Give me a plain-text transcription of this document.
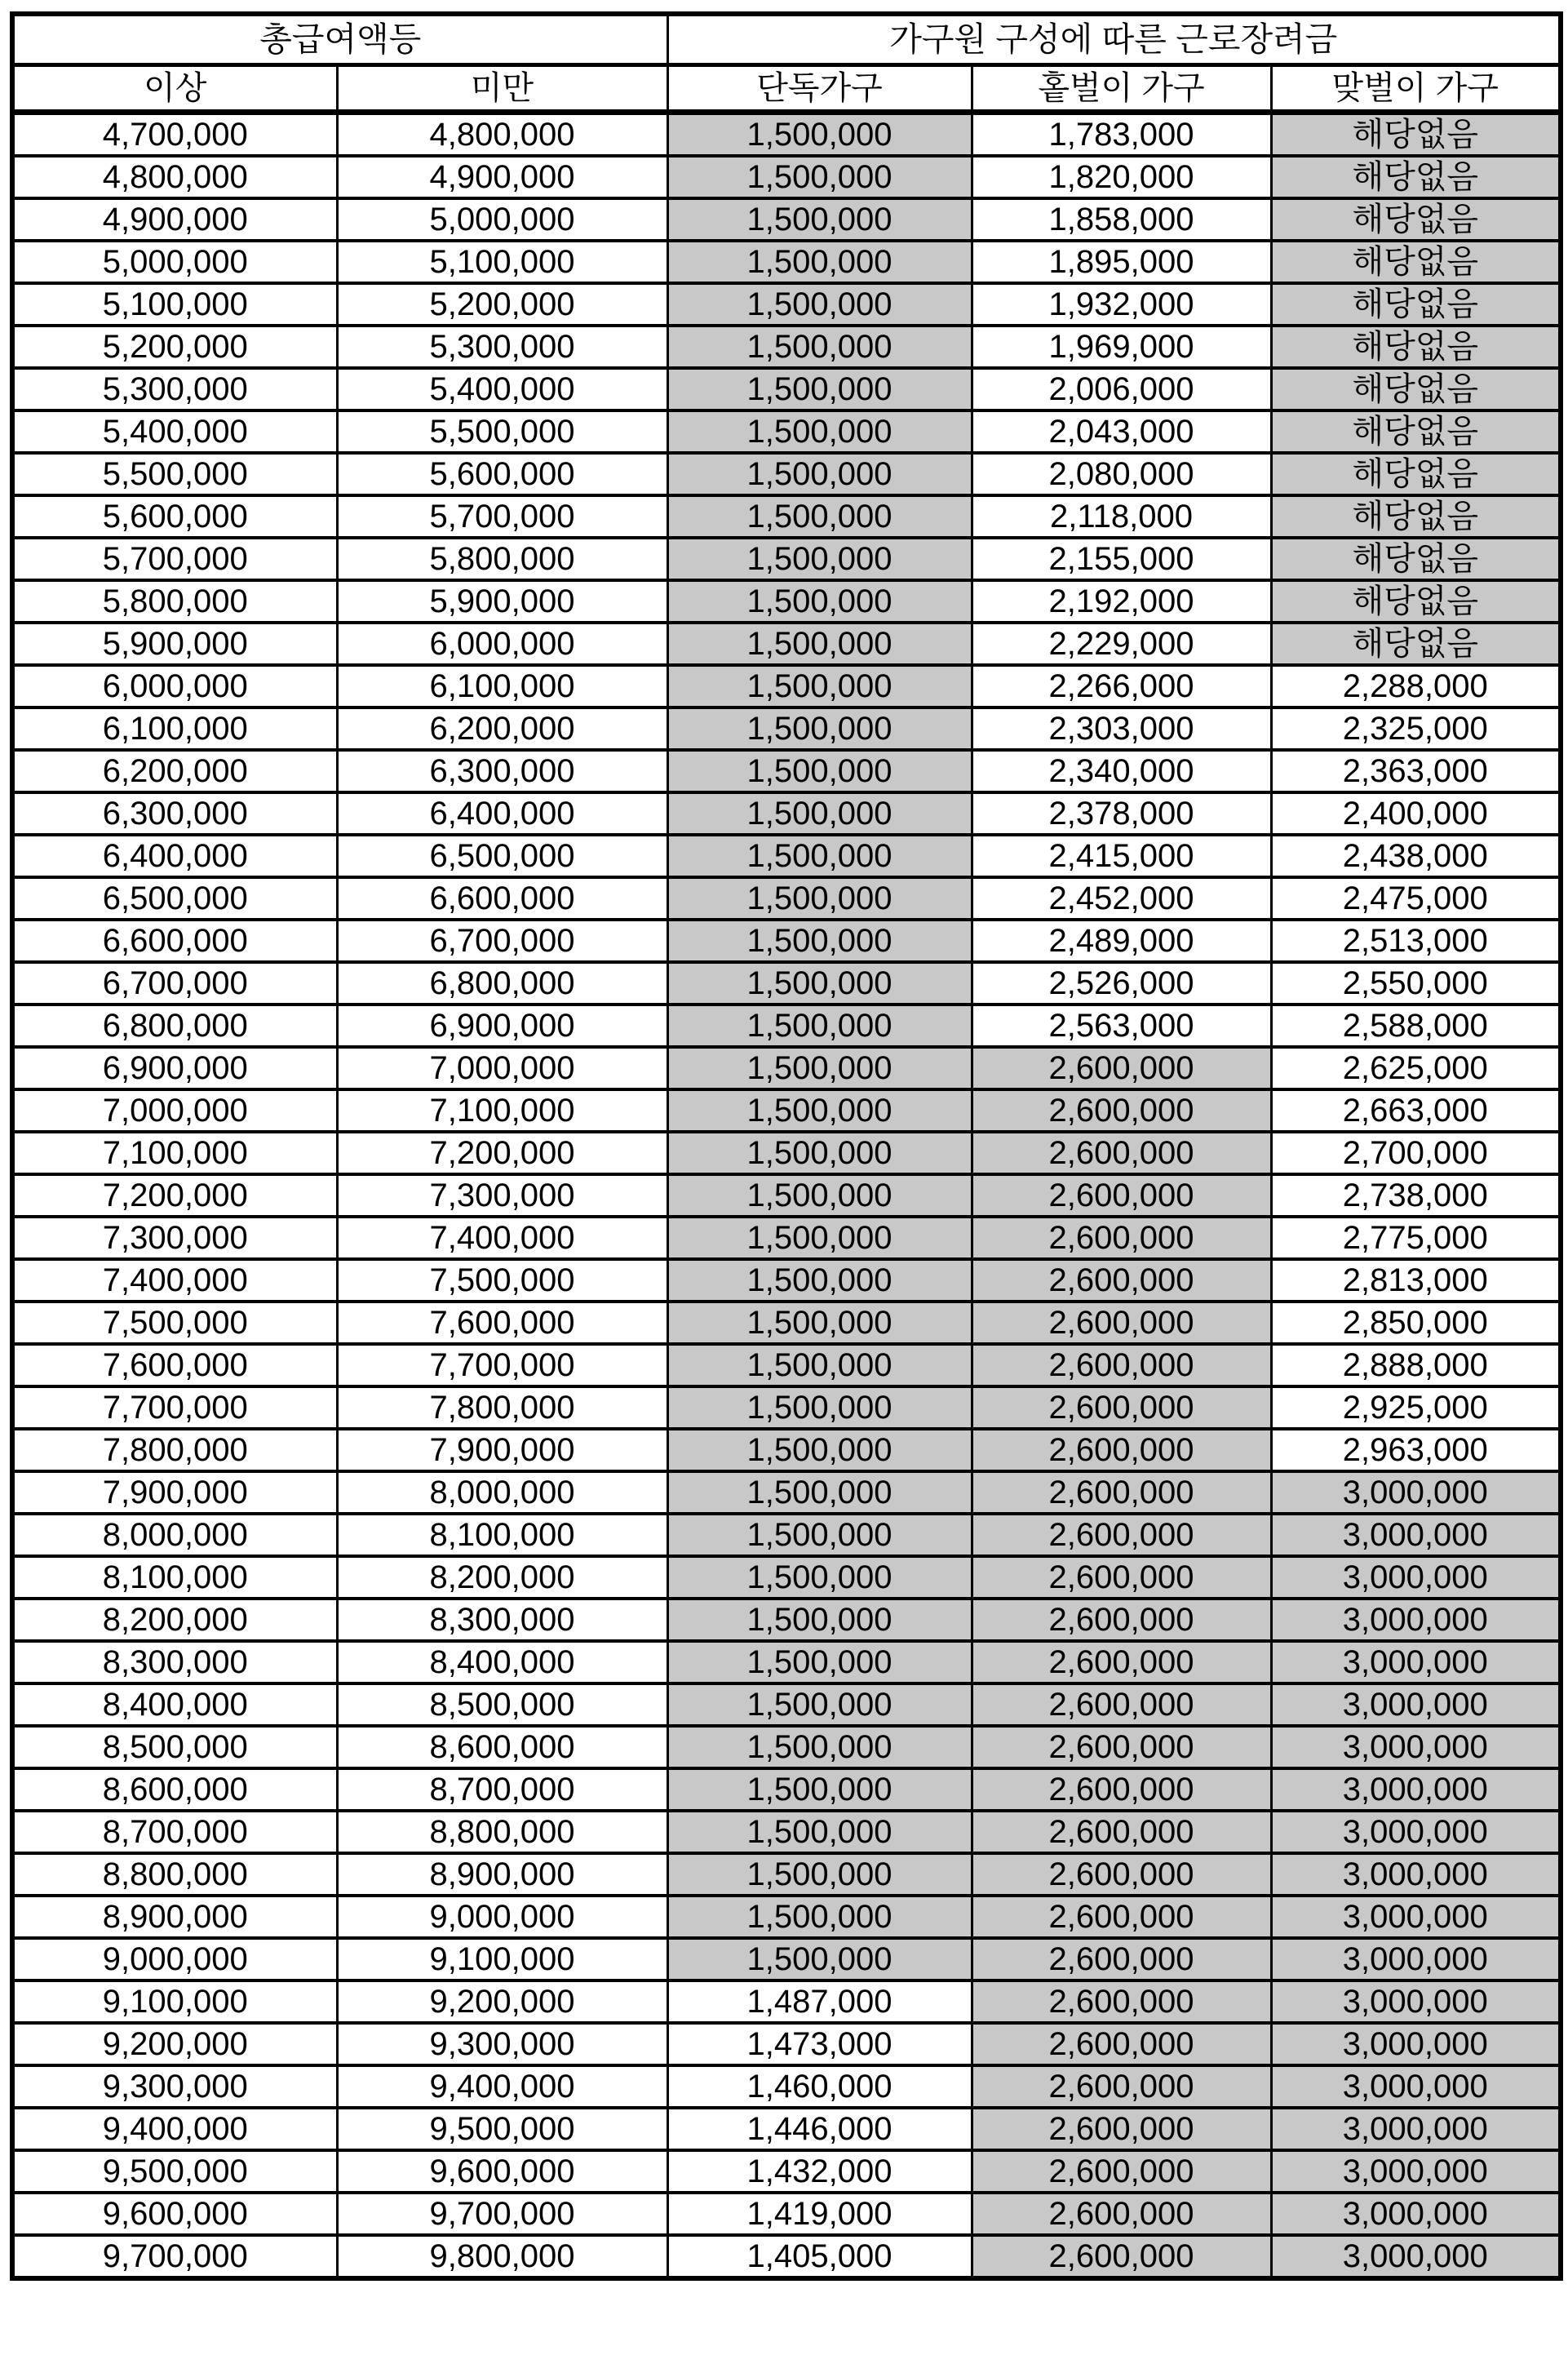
총급여액등		가구원 구성에 따른 근로장려금		
이상	미만	단독가구	홑벌이 가구	맞벌이 가구
4,700,000	4,800,000	1,500,000	1,783,000	해당없음
4,800,000	4,900,000	1,500,000	1,820,000	해당없음
4,900,000	5,000,000	1,500,000	1,858,000	해당없음
5,000,000	5,100,000	1,500,000	1,895,000	해당없음
5,100,000	5,200,000	1,500,000	1,932,000	해당없음
5,200,000	5,300,000	1,500,000	1,969,000	해당없음
5,300,000	5,400,000	1,500,000	2,006,000	해당없음
5,400,000	5,500,000	1,500,000	2,043,000	해당없음
5,500,000	5,600,000	1,500,000	2,080,000	해당없음
5,600,000	5,700,000	1,500,000	2,118,000	해당없음
5,700,000	5,800,000	1,500,000	2,155,000	해당없음
5,800,000	5,900,000	1,500,000	2,192,000	해당없음
5,900,000	6,000,000	1,500,000	2,229,000	해당없음
6,000,000	6,100,000	1,500,000	2,266,000	2,288,000
6,100,000	6,200,000	1,500,000	2,303,000	2,325,000
6,200,000	6,300,000	1,500,000	2,340,000	2,363,000
6,300,000	6,400,000	1,500,000	2,378,000	2,400,000
6,400,000	6,500,000	1,500,000	2,415,000	2,438,000
6,500,000	6,600,000	1,500,000	2,452,000	2,475,000
6,600,000	6,700,000	1,500,000	2,489,000	2,513,000
6,700,000	6,800,000	1,500,000	2,526,000	2,550,000
6,800,000	6,900,000	1,500,000	2,563,000	2,588,000
6,900,000	7,000,000	1,500,000	2,600,000	2,625,000
7,000,000	7,100,000	1,500,000	2,600,000	2,663,000
7,100,000	7,200,000	1,500,000	2,600,000	2,700,000
7,200,000	7,300,000	1,500,000	2,600,000	2,738,000
7,300,000	7,400,000	1,500,000	2,600,000	2,775,000
7,400,000	7,500,000	1,500,000	2,600,000	2,813,000
7,500,000	7,600,000	1,500,000	2,600,000	2,850,000
7,600,000	7,700,000	1,500,000	2,600,000	2,888,000
7,700,000	7,800,000	1,500,000	2,600,000	2,925,000
7,800,000	7,900,000	1,500,000	2,600,000	2,963,000
7,900,000	8,000,000	1,500,000	2,600,000	3,000,000
8,000,000	8,100,000	1,500,000	2,600,000	3,000,000
8,100,000	8,200,000	1,500,000	2,600,000	3,000,000
8,200,000	8,300,000	1,500,000	2,600,000	3,000,000
8,300,000	8,400,000	1,500,000	2,600,000	3,000,000
8,400,000	8,500,000	1,500,000	2,600,000	3,000,000
8,500,000	8,600,000	1,500,000	2,600,000	3,000,000
8,600,000	8,700,000	1,500,000	2,600,000	3,000,000
8,700,000	8,800,000	1,500,000	2,600,000	3,000,000
8,800,000	8,900,000	1,500,000	2,600,000	3,000,000
8,900,000	9,000,000	1,500,000	2,600,000	3,000,000
9,000,000	9,100,000	1,500,000	2,600,000	3,000,000
9,100,000	9,200,000	1,487,000	2,600,000	3,000,000
9,200,000	9,300,000	1,473,000	2,600,000	3,000,000
9,300,000	9,400,000	1,460,000	2,600,000	3,000,000
9,400,000	9,500,000	1,446,000	2,600,000	3,000,000
9,500,000	9,600,000	1,432,000	2,600,000	3,000,000
9,600,000	9,700,000	1,419,000	2,600,000	3,000,000
9,700,000	9,800,000	1,405,000	2,600,000	3,000,000
